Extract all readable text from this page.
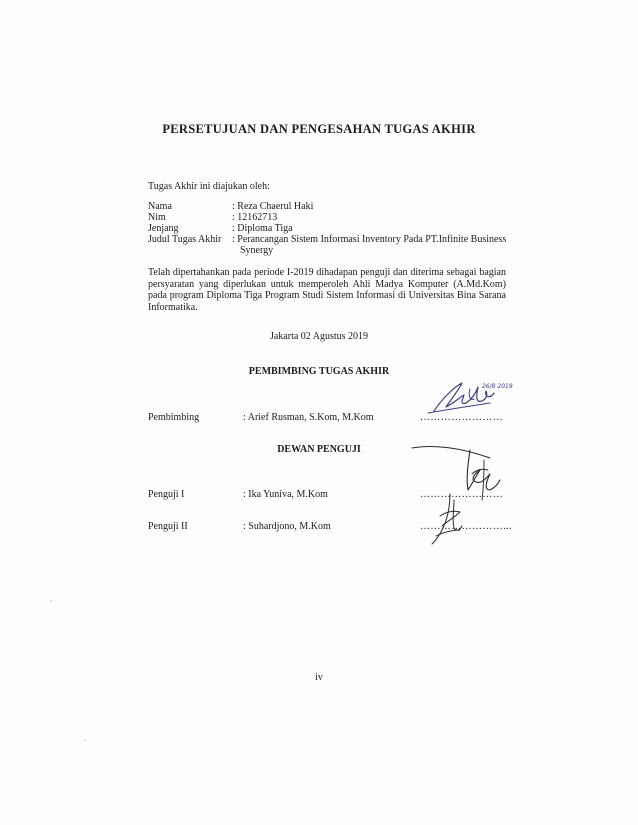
PERSETUJUAN DAN PENGESAHAN TUGAS AKHIR
Tugas Akhir ini diajukan oleh:
Nama	: Reza Chaerul Haki
Nim	: 12162713
Jenjang	: Diploma Tiga
Judul Tugas Akhir : Perancangan Sistem Informasi Inventory Pada PT.Infinite Business
Synergy
Telah dipertahankan pada periode I-2019 dihadapan penguji dan diterima sebagai bagian persyaratan yang diperlukan untuk memperoleh Ahli Madya Komputer (A.Md.Kom) pada program Diploma Tiga Program Studi Sistem Informasi di Universitas Bina Sarana Informatika.
Jakarta 02 Agustus 2019
PEMBIMBING TUGAS AKHIR
Pembimbing	: Arief Rusman, S.Kom, M.Kom	……………………
DEWAN PENGUJI
Penguji I	: Ika Yuniva, M.Kom	……………………
Penguji II	: Suhardjono, M.Kom	……………………...
26/8 2019
iv
